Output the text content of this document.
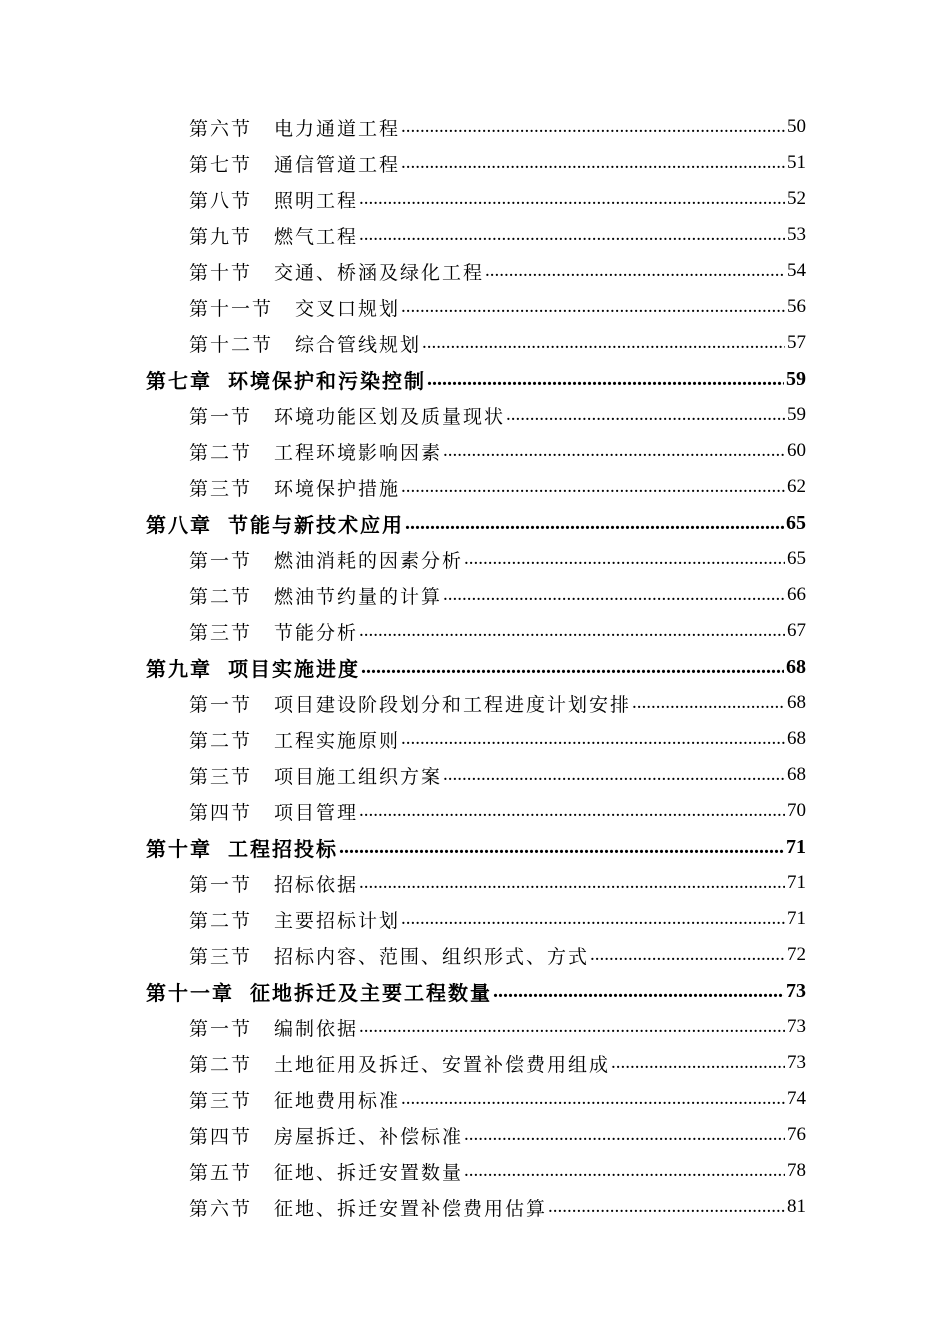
第六节 电力通道工程 .....	50
第七节 通信管道工程 .....	51
第八节 照明工程 .....	52
第九节 燃气工程 .....	53
第十节 交通、桥涵及绿化工程 .....	54
第十一节 交叉口规划 .....	56
第十二节 综合管线规划 .....	57
第七章 环境保护和污染控制 .....	59
第一节 环境功能区划及质量现状 .....	59
第二节 工程环境影响因素 .....	60
第三节 环境保护措施 .....	62
第八章 节能与新技术应用 .....	65
第一节 燃油消耗的因素分析 .....	65
第二节 燃油节约量的计算 .....	66
第三节 节能分析 .....	67
第九章 项目实施进度 .....	68
第一节 项目建设阶段划分和工程进度计划安排 .....	68
第二节 工程实施原则 .....	68
第三节 项目施工组织方案 .....	68
第四节 项目管理 .....	70
第十章 工程招投标 .....	71
第一节 招标依据 .....	71
第二节 主要招标计划 .....	71
第三节 招标内容、范围、组织形式、方式 .....	72
第十一章 征地拆迁及主要工程数量 .....	73
第一节 编制依据 .....	73
第二节 土地征用及拆迁、安置补偿费用组成 .....	73
第三节 征地费用标准 .....	74
第四节 房屋拆迁、补偿标准 .....	76
第五节 征地、拆迁安置数量 .....	78
第六节 征地、拆迁安置补偿费用估算 .....	81
